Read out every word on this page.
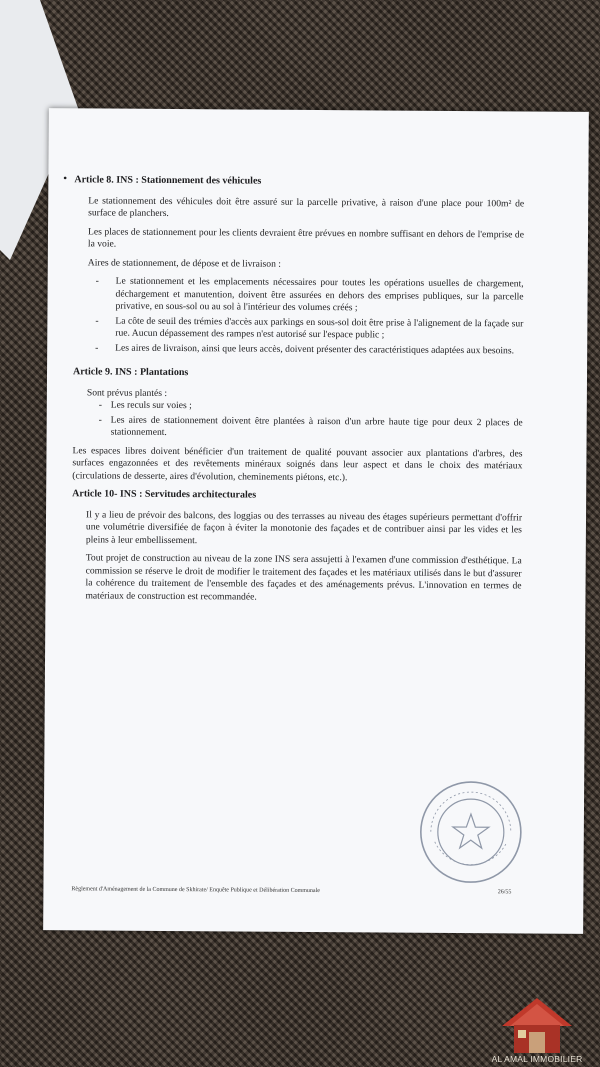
• Article 8. INS : Stationnement des véhicules

Le stationnement des véhicules doit être assuré sur la parcelle privative, à raison d'une place pour 100m² de surface de planchers.

Les places de stationnement pour les clients devraient être prévues en nombre suffisant en dehors de l'emprise de la voie.

Aires de stationnement, de dépose et de livraison :

- Le stationnement et les emplacements nécessaires pour toutes les opérations usuelles de chargement, déchargement et manutention, doivent être assurées en dehors des emprises publiques, sur la parcelle privative, en sous-sol ou au sol à l'intérieur des volumes créés ;
- La côte de seuil des trémies d'accès aux parkings en sous-sol doit être prise à l'alignement de la façade sur rue. Aucun dépassement des rampes n'est autorisé sur l'espace public ;
- Les aires de livraison, ainsi que leurs accès, doivent présenter des caractéristiques adaptées aux besoins.
Article 9. INS : Plantations

Sont prévus plantés :

- Les reculs sur voies ;
- Les aires de stationnement doivent être plantées à raison d'un arbre haute tige pour deux 2 places de stationnement.

Les espaces libres doivent bénéficier d'un traitement de qualité pouvant associer aux plantations d'arbres, des surfaces engazonnées et des revêtements minéraux soignés dans leur aspect et dans le choix des matériaux (circulations de desserte, aires d'évolution, cheminements piétons, etc.).

Article 10- INS : Servitudes architecturales

Il y a lieu de prévoir des balcons, des loggias ou des terrasses au niveau des étages supérieurs permettant d'offrir une volumétrie diversifiée de façon à éviter la monotonie des façades et de contribuer ainsi par les vides et les pleins à leur embellissement.

Tout projet de construction au niveau de la zone INS sera assujetti à l'examen d'une commission d'esthétique. La commission se réserve le droit de modifier le traitement des façades et les matériaux utilisés dans le but d'assurer la cohérence du traitement de l'ensemble des façades et des aménagements prévus. L'innovation en termes de matériaux de construction est recommandée.

Règlement d'Aménagement de la Commune de Skhirate/ Enquête Publique et Délibération Communale	26/55
AL AMAL IMMOBILIER
